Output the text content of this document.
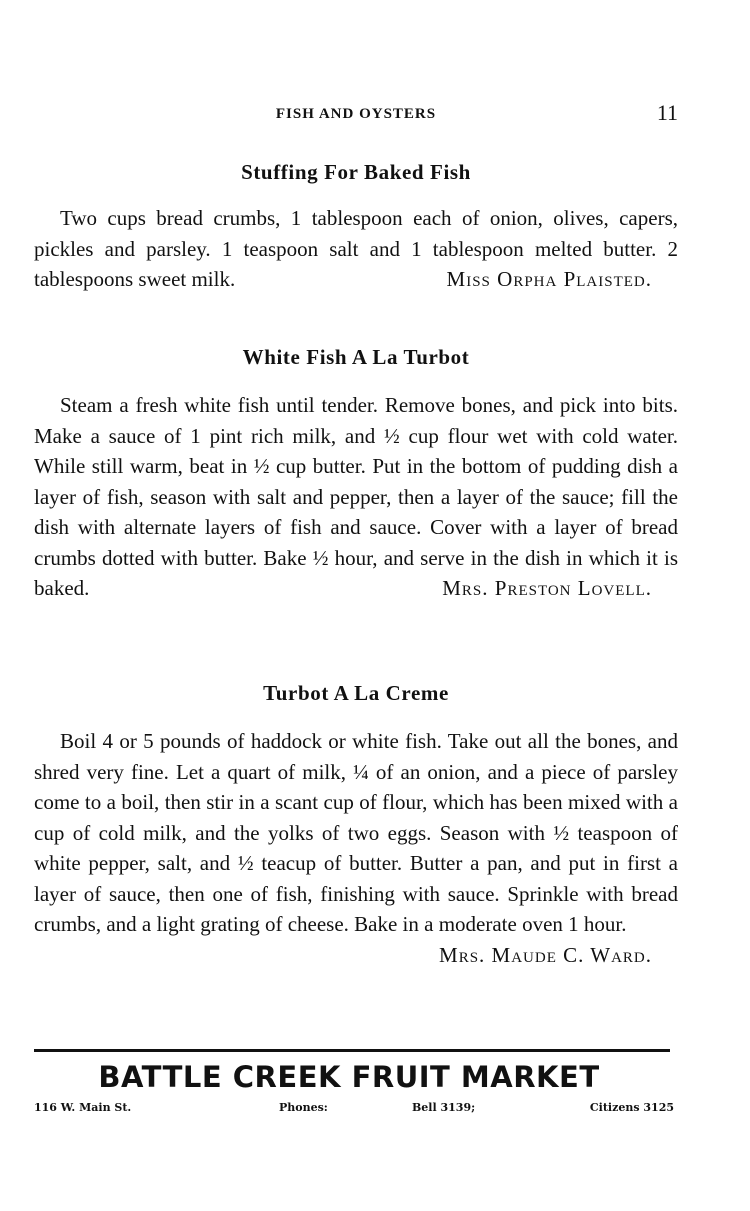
FISH AND OYSTERS	11
Stuffing For Baked Fish

Two cups bread crumbs, 1 tablespoon each of onion, olives, capers, pickles and parsley. 1 teaspoon salt and 1 tablespoon melted butter. 2 tablespoons sweet milk.	Miss Orpha Plaisted.

White Fish A La Turbot

Steam a fresh white fish until tender. Remove bones, and pick into bits. Make a sauce of 1 pint rich milk, and ½ cup flour wet with cold water. While still warm, beat in ½ cup butter. Put in the bottom of pudding dish a layer of fish, season with salt and pepper, then a layer of the sauce; fill the dish with alternate layers of fish and sauce. Cover with a layer of bread crumbs dotted with butter. Bake ½ hour, and serve in the dish in which it is baked.	Mrs. Preston Lovell.

Turbot A La Creme

Boil 4 or 5 pounds of haddock or white fish. Take out all the bones, and shred very fine. Let a quart of milk, ¼ of an onion, and a piece of parsley come to a boil, then stir in a scant cup of flour, which has been mixed with a cup of cold milk, and the yolks of two eggs. Season with ½ teaspoon of white pepper, salt, and ½ teacup of butter. Butter a pan, and put in first a layer of sauce, then one of fish, finishing with sauce. Sprinkle with bread crumbs, and a light grating of cheese. Bake in a moderate oven 1 hour.
Mrs. Maude C. Ward.

BATTLE CREEK FRUIT MARKET
116 W. Main St.	Phones:	Bell 3139;	Citizens 3125
